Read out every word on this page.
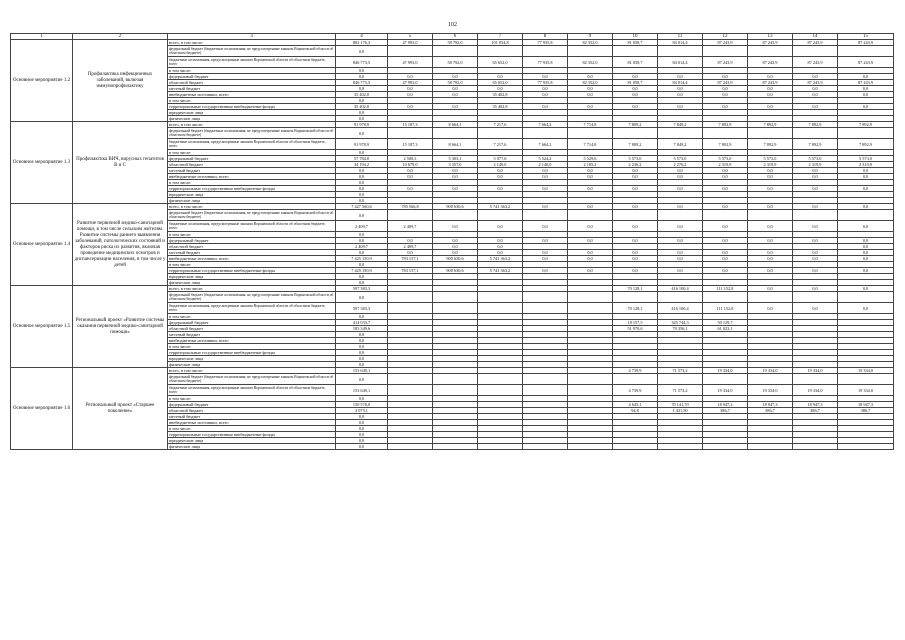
102
1	2	3	4	5	6	7	8	9	10	11	12	13	14	15
Основное мероприятие 1.2	Профилактика инфекционных заболеваний, включая иммунопрофилактику	всего, в том числе:	882 176,3	47 993,0	58 792,0	101 054,8	77 935,8	82 352,0	81 058,7	84 014,4	87 243,9	87 243,9	87 243,9	87 243,9
		федеральный бюджет (бюджетные ассигнования, не предусмотренные законом Воронежской области об областном бюджете)	0,0											
		бюджетные ассигнования, предусмотренные законом Воронежской области об областном бюджете, всего	846 773,5	47 993,0	58 792,0	65 652,0	77 935,8	82 352,0	81 058,7	84 014,4	87 243,9	87 243,9	87 243,9	87 243,9
		в том числе:	0,0											
		федеральный бюджет	0,0	0,0	0,0	0,0	0,0	0,0	0,0	0,0	0,0	0,0	0,0	0,0
		областной бюджет	846 773,5	47 993,0	58 792,0	65 652,0	77 935,8	82 352,0	81 058,7	84 014,4	87 243,9	87 243,9	87 243,9	87 243,9
		местный бюджет	0,0	0,0	0,0	0,0	0,0	0,0	0,0	0,0	0,0	0,0	0,0	0,0
		внебюджетные источники, всего	35 402,8	0,0	0,0	35 402,8	0,0	0,0	0,0	0,0	0,0	0,0	0,0	0,0
		в том числе:	0,0											
		территориальные государственные внебюджетные фонды	35 402,8	0,0	0,0	35 402,8	0,0	0,0	0,0	0,0	0,0	0,0	0,0	0,0
		юридические лица	0,0											
		физические лица	0,0											
Основное мероприятие 1.3	Профилактика ВИЧ, вирусных гепатитов В и С	всего, в том числе:	91 978,9	15 187,3	8 664,1	7 217,6	7 664,2	7 714,8	7 809,2	7 849,2	7 892,9	7 892,9	7 892,9	7 892,9
		федеральный бюджет (бюджетные ассигнования, не предусмотренные законом Воронежской области об областном бюджете)	0,0											
		бюджетные ассигнования, предусмотренные законом Воронежской области об областном бюджете, всего	91 978,9	15 187,3	8 664,1	7 217,6	7 664,2	7 714,8	7 809,2	7 849,2	7 892,9	7 892,9	7 892,9	7 892,9
		в том числе:	0,0											
		федеральный бюджет	57 784,8	2 508,3	5 303,1	5 077,6	5 524,2	5 529,6	5 573,0	5 573,0	5 573,0	5 573,0	5 573,0	5 573,0
		областной бюджет	34 194,2	10 679,0	3 357,0	2 140,0	2 140,0	2 185,2	2 236,2	2 276,2	2 319,9	2 319,9	2 319,9	2 319,9
		местный бюджет	0,0	0,0	0,0	0,0	0,0	0,0	0,0	0,0	0,0	0,0	0,0	0,0
		внебюджетные источники, всего	0,0	0,0	0,0	0,0	0,0	0,0	0,0	0,0	0,0	0,0	0,0	0,0
		в том числе:	0,0											
		территориальные государственные внебюджетные фонды	0,0	0,0	0,0	0,0	0,0	0,0	0,0	0,0	0,0	0,0	0,0	0,0
		юридические лица	0,0											
		физические лица	0,0											
Основное мероприятие 1.4	Развитие первичной медико-санитарной помощи, в том числе сельским жителям. Развитие системы раннего выявления заболеваний, патологических состояний и факторов риска их развития, включая проведение медицинских осмотров и диспансеризации населения, в том числе у детей	всего, в том числе:	7 427 560,6	785 566,8	900 630,6	5 741 363,2	0,0	0,0	0,0	0,0	0,0	0,0	0,0	0,0
		федеральный бюджет (бюджетные ассигнования, не предусмотренные законом Воронежской области об областном бюджете)	0,0											
		бюджетные ассигнования, предусмотренные законом Воронежской области об областном бюджете, всего	2 409,7	2 409,7	0,0	0,0	0,0	0,0	0,0	0,0	0,0	0,0	0,0	0,0
		в том числе:	0,0											
		федеральный бюджет	0,0	0,0	0,0	0,0	0,0	0,0	0,0	0,0	0,0	0,0	0,0	0,0
		областной бюджет	2 409,7	2 409,7	0,0	0,0								0,0
		местный бюджет	0,0	0,0	0,0	0,0	0,0	0,0	0,0	0,0	0,0	0,0	0,0	0,0
		внебюджетные источники, всего	7 425 150,9	783 157,1	900 630,6	5 741 363,2	0,0	0,0	0,0	0,0	0,0	0,0	0,0	0,0
		в том числе:	0,0											
		территориальные государственные внебюджетные фонды	7 425 150,9	783 157,1	900 630,6	5 741 363,2	0,0	0,0	0,0	0,0	0,0	0,0	0,0	0,0
		юридические лица	0,0											
		физические лица	0,0											
Основное мероприятие 1.5	Региональный проект «Развитие системы оказания первичной медико-санитарной помощи»	всего, в том числе:	597 383,3						70 128,1	416 100,4	111 152,8	0,0	0,0	0,0
		федеральный бюджет (бюджетные ассигнования, не предусмотренные законом Воронежской области об областном бюджете)	0,0											
		бюджетные ассигнования, предусмотренные законом Воронежской области об областном бюджете, всего	597 383,3						70 128,1	416 100,4	111 152,8	0,0	0,0	0,0
		в том числе:	0,0											
		федеральный бюджет	414 033,7						18 157,5	345 744,3	50 129,7			
		областной бюджет	183 349,6						51 970,6	70 356,1	61 023,1			
		местный бюджет	0,0											
		внебюджетные источники, всего	0,0											
		в том числе:	0,0											
		территориальные государственные внебюджетные фонды	0,0											
		юридические лица	0,0											
		физические лица	0,0											
Основное мероприятие 1.6	Региональный проект «Старшее поколение»	всего, в том числе:	153 649,1						4 739,9	71 573,2	19 334,0	19 334,0	19 334,0	19 334,0
		федеральный бюджет (бюджетные ассигнования, не предусмотренные законом Воронежской области об областном бюджете)	0,0											
		бюджетные ассигнования, предусмотренные законом Воронежской области об областном бюджете, всего	153 649,1						4 739,9	71 573,2	19 334,0	19 334,0	19 334,0	19 334,0
		в том числе:	0,0											
		федеральный бюджет	150 576,0						4 645,1	70 141,70	18 947,2	18 947,3	18 947,3	18 947,3
		областной бюджет	3 073,1						94,8	1 431,50	386,7	386,7	386,7	386,7
		местный бюджет	0,0											
		внебюджетные источники, всего	0,0											
		в том числе:	0,0											
		территориальные государственные внебюджетные фонды	0,0											
		юридические лица	0,0											
		физические лица	0,0											
